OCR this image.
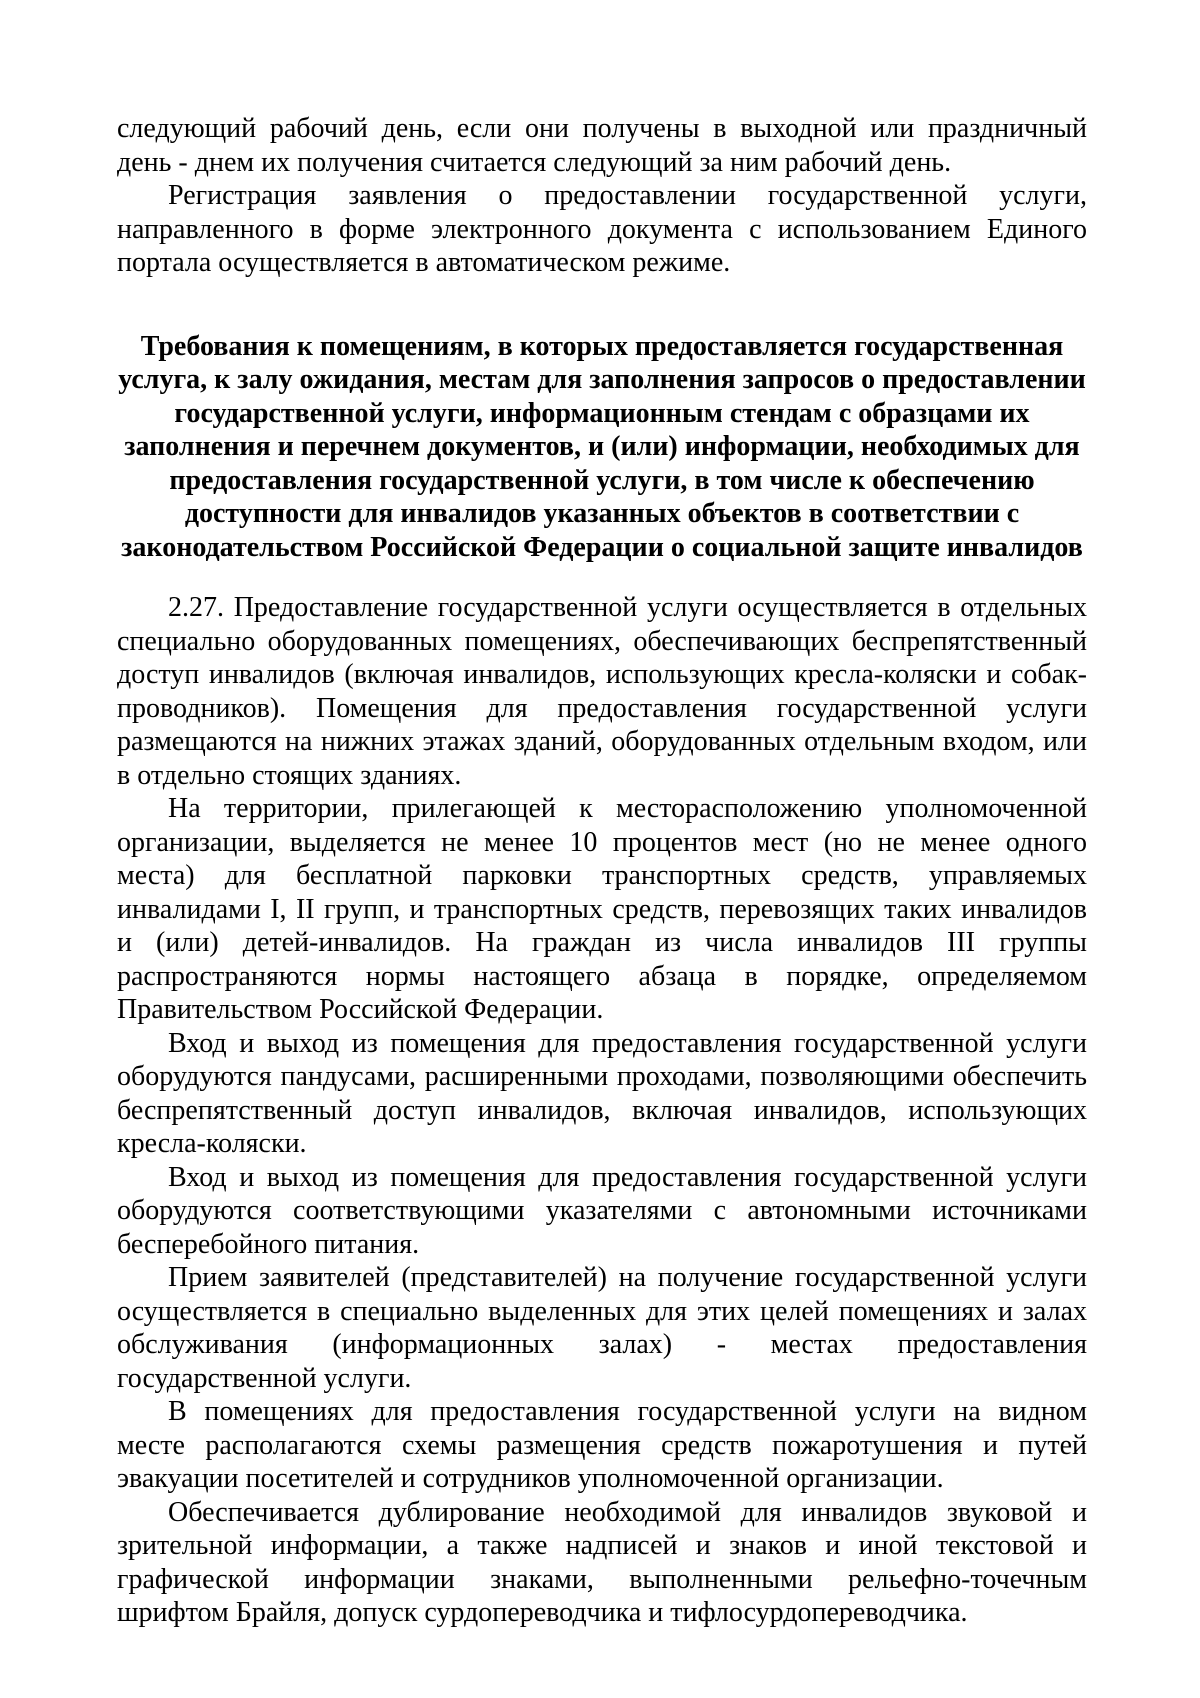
следующий рабочий день, если они получены в выходной или праздничный день - днем их получения считается следующий за ним рабочий день.

Регистрация заявления о предоставлении государственной услуги, направленного в форме электронного документа с использованием Единого портала осуществляется в автоматическом режиме.

Требования к помещениям, в которых предоставляется государственная услуга, к залу ожидания, местам для заполнения запросов о предоставлении государственной услуги, информационным стендам с образцами их заполнения и перечнем документов, и (или) информации, необходимых для предоставления государственной услуги, в том числе к обеспечению доступности для инвалидов указанных объектов в соответствии с законодательством Российской Федерации о социальной защите инвалидов

2.27. Предоставление государственной услуги осуществляется в отдельных специально оборудованных помещениях, обеспечивающих беспрепятственный доступ инвалидов (включая инвалидов, использующих кресла-коляски и собак-проводников). Помещения для предоставления государственной услуги размещаются на нижних этажах зданий, оборудованных отдельным входом, или в отдельно стоящих зданиях.

На территории, прилегающей к месторасположению уполномоченной организации, выделяется не менее 10 процентов мест (но не менее одного места) для бесплатной парковки транспортных средств, управляемых инвалидами I, II групп, и транспортных средств, перевозящих таких инвалидов и (или) детей-инвалидов. На граждан из числа инвалидов III группы распространяются нормы настоящего абзаца в порядке, определяемом Правительством Российской Федерации.

Вход и выход из помещения для предоставления государственной услуги оборудуются пандусами, расширенными проходами, позволяющими обеспечить беспрепятственный доступ инвалидов, включая инвалидов, использующих кресла-коляски.

Вход и выход из помещения для предоставления государственной услуги оборудуются соответствующими указателями с автономными источниками бесперебойного питания.

Прием заявителей (представителей) на получение государственной услуги осуществляется в специально выделенных для этих целей помещениях и залах обслуживания (информационных залах) - местах предоставления государственной услуги.

В помещениях для предоставления государственной услуги на видном месте располагаются схемы размещения средств пожаротушения и путей эвакуации посетителей и сотрудников уполномоченной организации.

Обеспечивается дублирование необходимой для инвалидов звуковой и зрительной информации, а также надписей и знаков и иной текстовой и графической информации знаками, выполненными рельефно-точечным шрифтом Брайля, допуск сурдопереводчика и тифлосурдопереводчика.
